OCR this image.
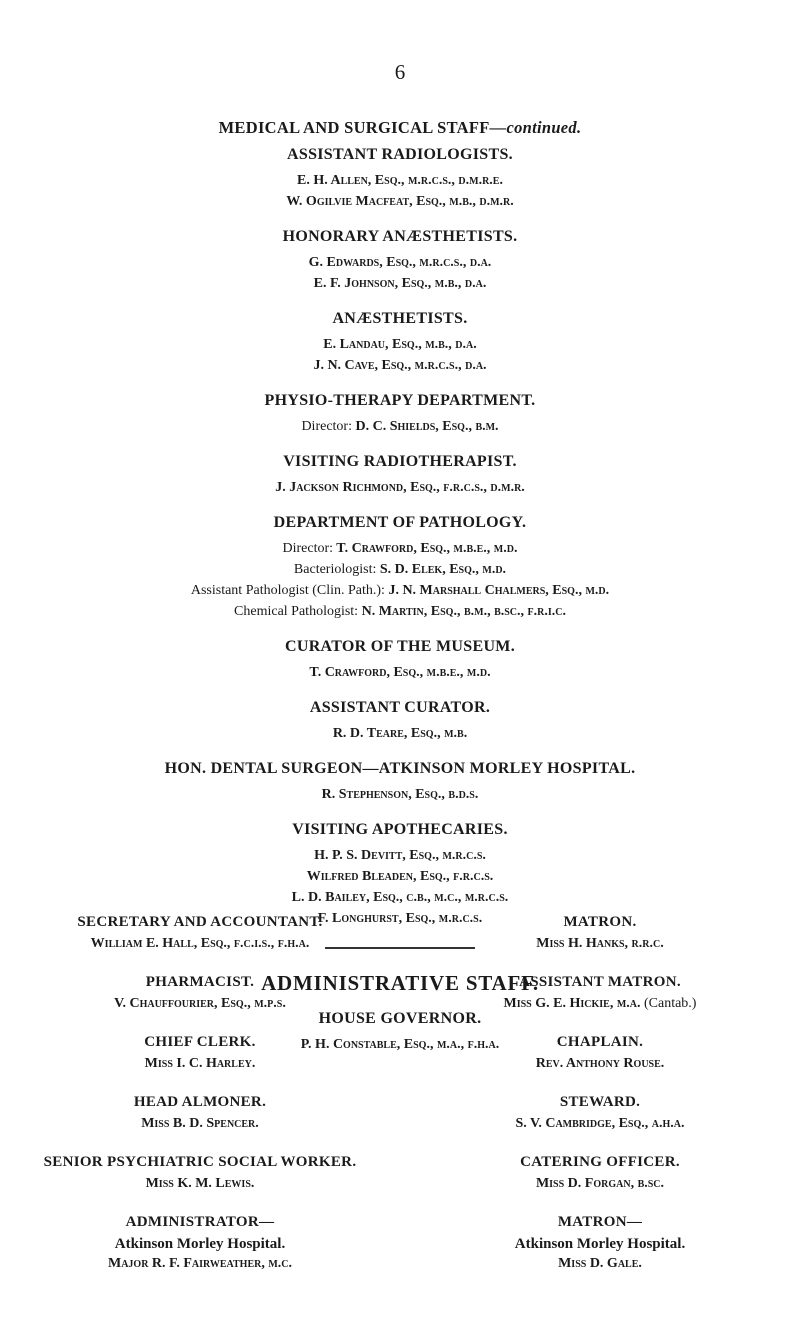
6
MEDICAL AND SURGICAL STAFF—continued.
ASSISTANT RADIOLOGISTS.
E. H. Allen, Esq., m.r.c.s., d.m.r.e.
W. Ogilvie Macfeat, Esq., m.b., d.m.r.
HONORARY ANÆSTHETISTS.
G. Edwards, Esq., m.r.c.s., d.a.
E. F. Johnson, Esq., m.b., d.a.
ANÆSTHETISTS.
E. Landau, Esq., m.b., d.a.
J. N. Cave, Esq., m.r.c.s., d.a.
PHYSIO-THERAPY DEPARTMENT.
Director: D. C. Shields, Esq., b.m.
VISITING RADIOTHERAPIST.
J. Jackson Richmond, Esq., f.r.c.s., d.m.r.
DEPARTMENT OF PATHOLOGY.
Director: T. Crawford, Esq., m.b.e., m.d.
Bacteriologist: S. D. Elek, Esq., m.d.
Assistant Pathologist (Clin. Path.): J. N. Marshall Chalmers, Esq., m.d.
Chemical Pathologist: N. Martin, Esq., b.m., b.sc., f.r.i.c.
CURATOR OF THE MUSEUM.
T. Crawford, Esq., m.b.e., m.d.
ASSISTANT CURATOR.
R. D. Teare, Esq., m.b.
HON. DENTAL SURGEON—ATKINSON MORLEY HOSPITAL.
R. Stephenson, Esq., b.d.s.
VISITING APOTHECARIES.
H. P. S. Devitt, Esq., m.r.c.s.
Wilfred Bleaden, Esq., f.r.c.s.
L. D. Bailey, Esq., c.b., m.c., m.r.c.s.
F. Longhurst, Esq., m.r.c.s.
ADMINISTRATIVE STAFF.
HOUSE GOVERNOR.
P. H. Constable, Esq., m.a., f.h.a.
SECRETARY AND ACCOUNTANT.
William E. Hall, Esq., f.c.i.s., f.h.a.
PHARMACIST.
V. Chauffourier, Esq., m.p.s.
CHIEF CLERK.
Miss I. C. Harley.
HEAD ALMONER.
Miss B. D. Spencer.
SENIOR PSYCHIATRIC SOCIAL WORKER.
Miss K. M. Lewis.
ADMINISTRATOR—
Atkinson Morley Hospital.
Major R. F. Fairweather, m.c.
MATRON.
Miss H. Hanks, r.r.c.
ASSISTANT MATRON.
Miss G. E. Hickie, m.a. (Cantab.)
CHAPLAIN.
Rev. Anthony Rouse.
STEWARD.
S. V. Cambridge, Esq., a.h.a.
CATERING OFFICER.
Miss D. Forgan, b.sc.
MATRON—
Atkinson Morley Hospital.
Miss D. Gale.
